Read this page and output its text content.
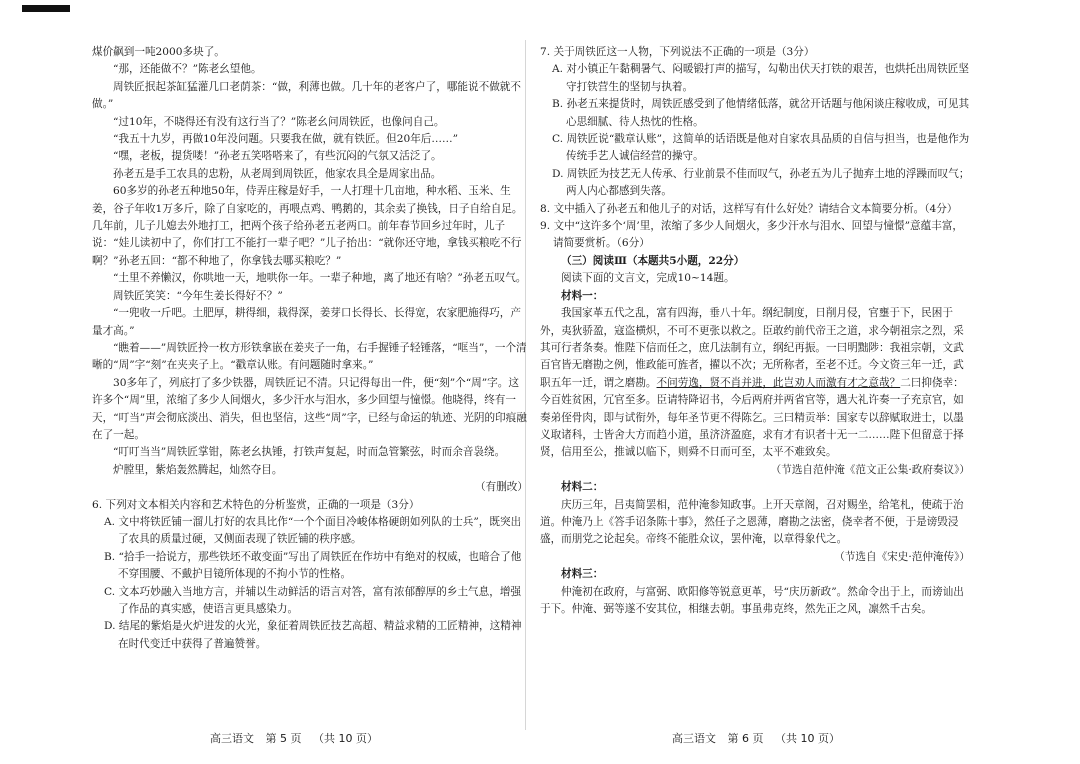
煤价飙到一吨2000多块了。

“那，还能做不？”陈老幺望他。

周铁匠抿起茶缸猛灌几口老荫茶：“做，利薄也做。几十年的老客户了，哪能说不做就不做。”

“过10年，不晓得还有没有这行当了？”陈老幺问周铁匠，也像问自己。

“我五十九岁，再做10年没问题。只要我在做，就有铁匠。但20年后……”

“嘿，老板，提货喽！”孙老五笑嗒嗒来了，有些沉闷的气氛又活泛了。

孙老五是手工农具的忠粉，从老周到周铁匠，他家农具全是周家出品。

60多岁的孙老五种地50年，侍弄庄稼是好手，一人打理十几亩地，种水稻、玉米、生姜，谷子年收1万多斤，除了自家吃的，再喂点鸡、鸭鹅的，其余卖了换钱，日子自给自足。几年前，儿子儿媳去外地打工，把两个孩子给孙老五老两口。前年春节回乡过年时，儿子说：“娃儿读初中了，你们打工不能打一辈子吧？”儿子抬出：“就你还守地，拿钱买粮吃不行啊？”孙老五回：“都不种地了，你拿钱去哪买粮吃？”

“土里不养懒汉，你哄地一天，地哄你一年。一辈子种地，离了地还有啥？”孙老五叹气。

周铁匠笑笑：“今年生姜长得好不？”

“一兜收一斤吧。土肥厚，耕得细，栽得深，姜芽口长得长、长得宽，农家肥施得巧，产量才高。”

“瞧着——”周铁匠拎一枚方形铁拿嵌在姜夹子一角，右手握锤子轻锤落，“哐当”，一个清晰的“周”字“刻”在夹夹子上。“戳章认账。有问题随时拿来。”

30多年了，列底打了多少铁器，周铁匠记不清。只记得每出一件，便“刻”个“周”字。这许多个“周”里，浓缩了多少人间烟火，多少汗水与泪水，多少回望与憧憬。他晓得，终有一天，“叮当”声会彻底淡出、消失，但也坚信，这些“周”字，已经与命运的轨迹、光阴的印痕融在了一起。

“叮叮当当”周铁匠掌钳，陈老幺执锤，打铁声复起，时而急管繁弦，时而余音袅绕。

炉膛里，紫焰轰然腾起，灿然夺目。

（有删改）

6. 下列对文本相关内容和艺术特色的分析鉴赏，正确的一项是（3分）

A. 文中将铁匠铺一溜儿打好的农具比作“一个个面目冷峻体格硬朗如列队的士兵”，既突出了农具的质量过硬，又侧面表现了铁匠铺的秩序感。

B. “拾手一拾说方，那些铁坯不敢变面”写出了周铁匠在作坊中有绝对的权威，也暗合了他不穿围腰、不戴护目镜所体现的不拘小节的性格。

C. 文本巧妙融入当地方言，并辅以生动鲜活的语言对答，富有浓郁醇厚的乡土气息，增强了作品的真实感，使语言更具感染力。

D. 结尾的紫焰是火炉进发的火光，象征着周铁匠技艺高超、精益求精的工匠精神，这精神在时代变迁中获得了普遍赞誉。

7. 关于周铁匠这一人物，下列说法不正确的一项是（3分）

A. 对小镇正午黏稠暑气、闷暖锻打声的描写，勾勒出伏天打铁的艰苦，也烘托出周铁匠坚守打铁营生的坚韧与执着。

B. 孙老五来提货时，周铁匠感受到了他情绪低落，就岔开话题与他闲谈庄稼收成，可见其心思细腻、待人热忱的性格。

C. 周铁匠说“戳章认账”，这简单的话语既是他对自家农具品质的自信与担当，也是他作为传统手艺人诚信经营的操守。

D. 周铁匠为技艺无人传承、行业前景不佳而叹气，孙老五为儿子抛弃土地的浮躁而叹气；两人内心都感到失落。

8. 文中插入了孙老五和他儿子的对话，这样写有什么好处？请结合文本简要分析。（4分）

9. 文中“这许多个‘周’里，浓缩了多少人间烟火，多少汗水与泪水、回望与憧憬”意蕴丰富，请简要赏析。（6分）

（三）阅读Ⅲ（本题共5小题，22分）

阅读下面的文言文，完成10~14题。

材料一：

我国家革五代之乱，富有四海，垂八十年。纲纪制度，日削月侵，官壅于下，民困于外，夷狄骄盈，寇盗横炽，不可不更张以救之。臣敢约前代帝王之道，求今朝祖宗之烈，采其可行者条奏。惟陛下信而任之，庶几法制有立，纲纪再振。一曰明黜陟：我祖宗朝，文武百官皆无磨勘之例，惟政能可旌者，擢以不次；无所称者，至老不迁。今文资三年一迁，武职五年一迁，谓之磨勘。不问劳逸，贤不肖并进，此岂劝人而激有才之意哉？二曰抑侥幸：今百姓贫困，冗官至多。臣请特降诏书，今后两府并两省官等，遇大礼许奏一子充京官，如奏弟侄骨肉，即与试衔外，每年圣节更不得陈乞。三曰精贡举：国家专以辞赋取进士，以墨义取诸科，士皆舍大方而趋小道，虽济济盈庭，求有才有识者十无一二……陛下但留意于择贤，信用至公，推诚以临下，则舜不日而可至，太平不难致矣。

（节选自范仲淹《范文正公集·政府奏议》）

材料二：

庆历三年，吕夷简罢相，范仲淹参知政事。上开天章阁，召对赐坐，给笔札，使疏于治道。仲淹乃上《答手诏条陈十事》，然任子之恩薄，磨勘之法密，侥幸者不便，于是谤毁浸盛，而朋党之论起矣。帝终不能胜众议，罢仲淹，以章得象代之。

（节选自《宋史·范仲淹传》）

材料三：

仲淹初在政府，与富弼、欧阳修等锐意更革，号“庆历新政”。然命令出于上，而谤讪出于下。仲淹、弼等遂不安其位，相继去朝。事虽弗克终，然先正之风，凛然千古矣。

高三语文 第 5 页 （共 10 页）	高三语文 第 6 页 （共 10 页）
